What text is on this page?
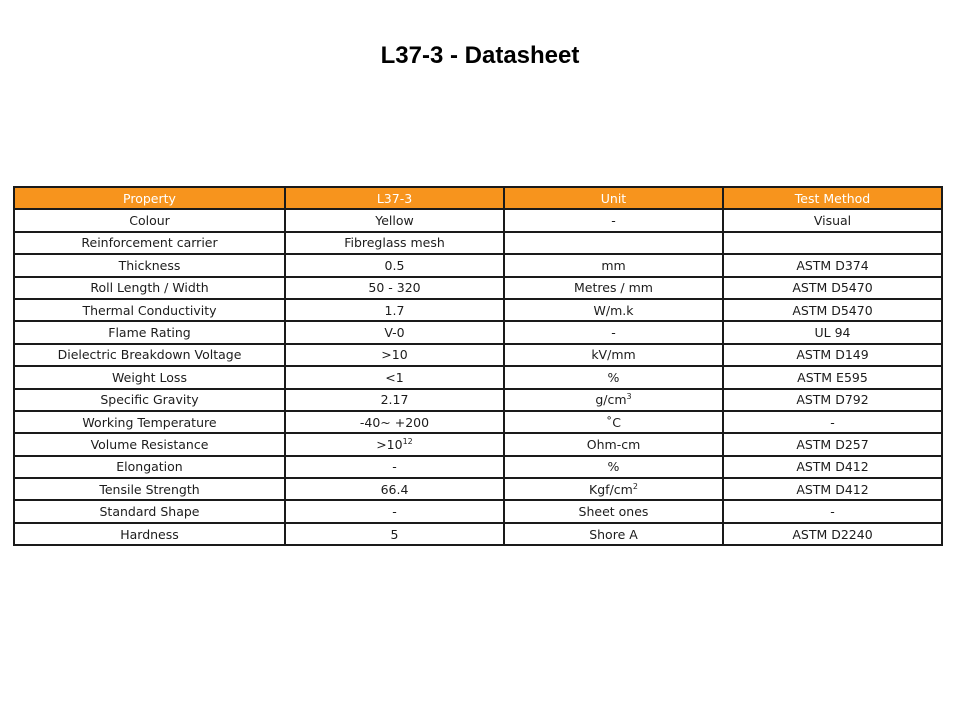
L37-3 - Datasheet
Property	L37-3	Unit	Test Method
Colour	Yellow	-	Visual
Reinforcement carrier	Fibreglass mesh		
Thickness	0.5	mm	ASTM D374
Roll Length / Width	50 - 320	Metres / mm	ASTM D5470
Thermal Conductivity	1.7	W/m.k	ASTM D5470
Flame Rating	V-0	-	UL 94
Dielectric Breakdown Voltage	>10	kV/mm	ASTM D149
Weight Loss	<1	%	ASTM E595
Specific Gravity	2.17	$g/cm^3$	ASTM D792
Working Temperature	-40~ +200	˚C	-
Volume Resistance	$>10^{12}$	Ohm-cm	ASTM D257
Elongation	-	%	ASTM D412
Tensile Strength	66.4	Kgf/$cm^2$	ASTM D412
Standard Shape	-	Sheet ones	-
Hardness	5	Shore A	ASTM D2240
